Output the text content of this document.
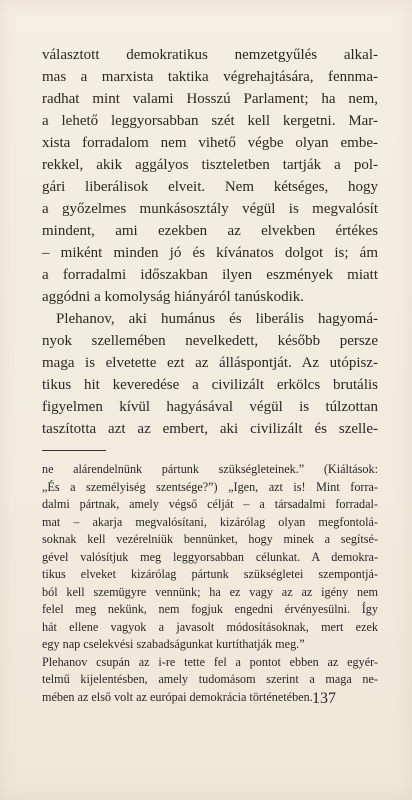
választott demokratikus nemzetgyűlés alkal-
mas a marxista taktika végrehajtására, fennma-
radhat mint valami Hosszú Parlament; ha nem,
a lehető leggyorsabban szét kell kergetni. Mar-
xista forradalom nem vihető végbe olyan embe-
rekkel, akik aggályos tiszteletben tartják a pol-
gári liberálisok elveit. Nem kétséges, hogy
a győzelmes munkásosztály végül is megvalósít
mindent, ami ezekben az elvekben értékes
– miként minden jó és kívánatos dolgot is; ám
a forradalmi időszakban ilyen eszmények miatt
aggódni a komolyság hiányáról tanúskodik.
Plehanov, aki humánus és liberális hagyomá-
nyok szellemében nevelkedett, később persze
maga is elvetette ezt az álláspontját. Az utópisz-
tikus hit keveredése a civilizált erkölcs brutális
figyelmen kívül hagyásával végül is túlzottan
taszította azt az embert, aki civilizált és szelle-
ne alárendelnünk pártunk szükségleteinek.” (Kiáltások:
„És a személyiség szentsége?”) „Igen, azt is! Mint forra-
dalmi pártnak, amely végső célját – a társadalmi forradal-
mat – akarja megvalósítani, kizárólag olyan megfontolá-
soknak kell vezérelniük bennünket, hogy minek a segítsé-
gével valósítjuk meg leggyorsabban célunkat. A demokra-
tikus elveket kizárólag pártunk szükségletei szempontjá-
ból kell szemügyre vennünk; ha ez vagy az az igény nem
felel meg nekünk, nem fogjuk engedni érvényesülni. Így
hát ellene vagyok a javasolt módosításoknak, mert ezek
egy nap cselekvési szabadságunkat kurtíthatják meg.”
Plehanov csupán az i-re tette fel a pontot ebben az egyér-
telmű kijelentésben, amely tudomásom szerint a maga ne-
mében az első volt az európai demokrácia történetében. 137
